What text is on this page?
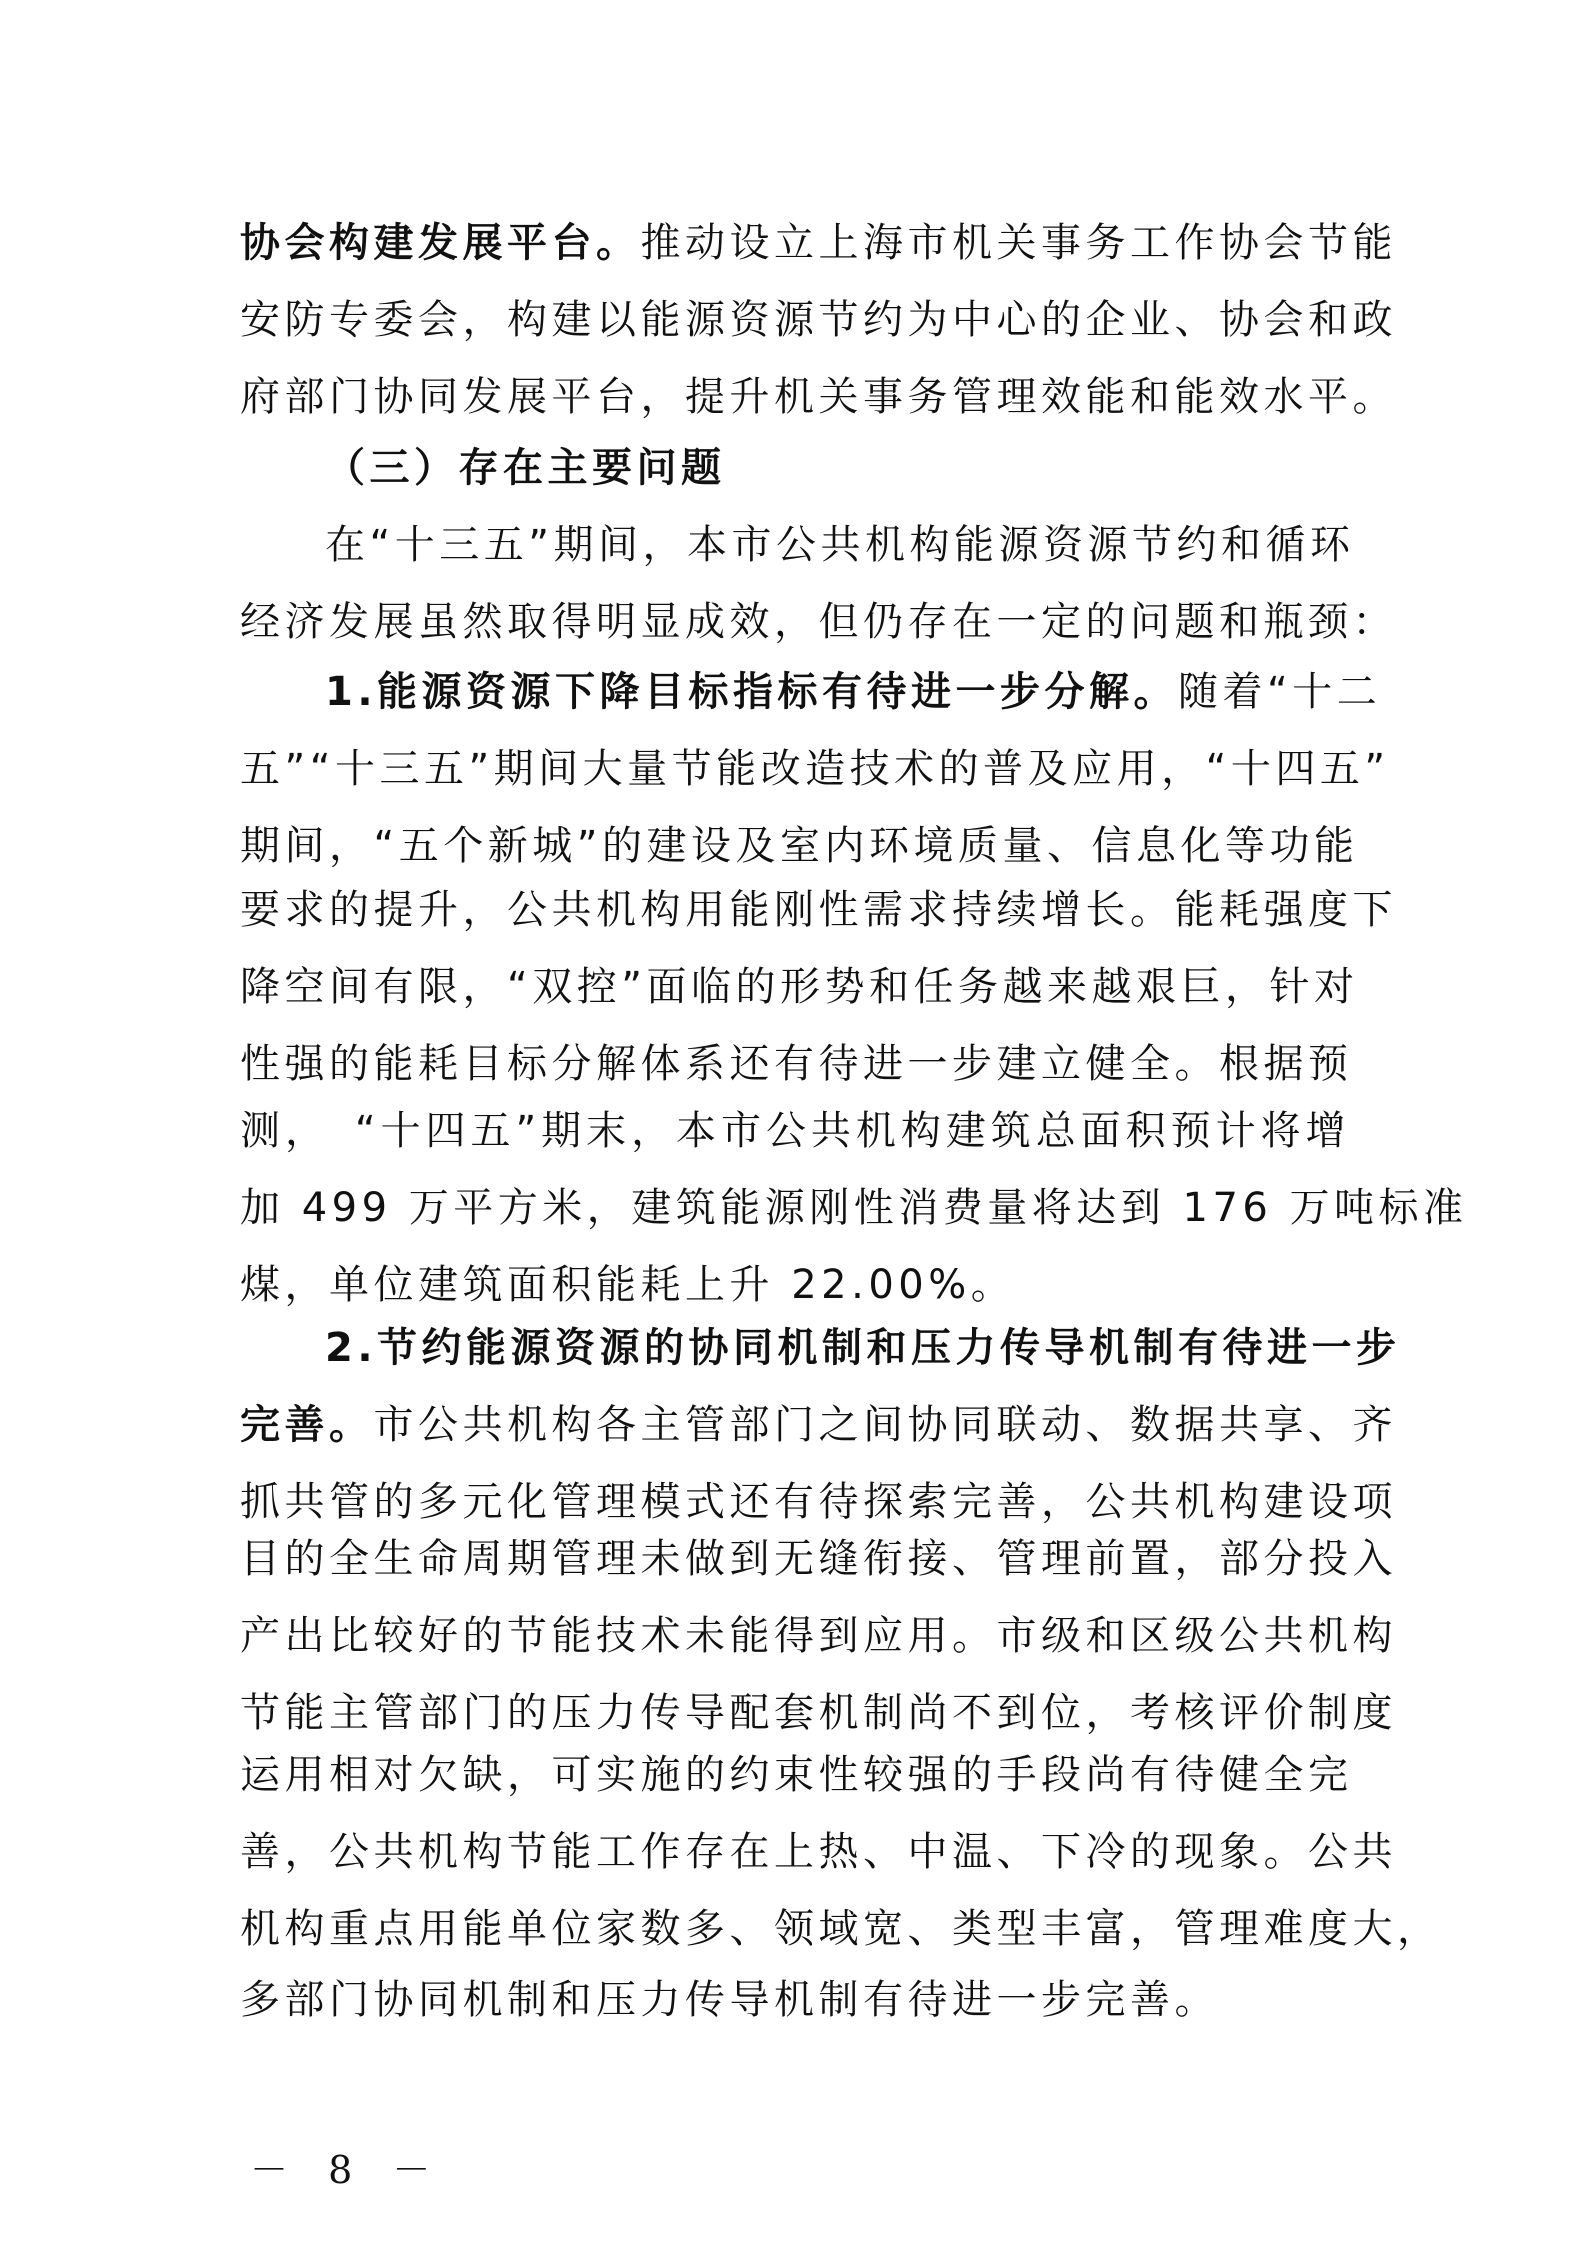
协会构建发展平台。推动设立上海市机关事务工作协会节能
安防专委会，构建以能源资源节约为中心的企业、协会和政
府部门协同发展平台，提升机关事务管理效能和能效水平。
（三）存在主要问题
在“十三五”期间，本市公共机构能源资源节约和循环
经济发展虽然取得明显成效，但仍存在一定的问题和瓶颈：
1.能源资源下降目标指标有待进一步分解。随着“十二
五”“十三五”期间大量节能改造技术的普及应用，“十四五”
期间，“五个新城”的建设及室内环境质量、信息化等功能
要求的提升，公共机构用能刚性需求持续增长。能耗强度下
降空间有限，“双控”面临的形势和任务越来越艰巨，针对
性强的能耗目标分解体系还有待进一步建立健全。根据预
测，　“十四五”期末，本市公共机构建筑总面积预计将增
加 499 万平方米，建筑能源刚性消费量将达到 176 万吨标准
煤，单位建筑面积能耗上升 22.00%。
2.节约能源资源的协同机制和压力传导机制有待进一步
完善。市公共机构各主管部门之间协同联动、数据共享、齐
抓共管的多元化管理模式还有待探索完善，公共机构建设项
目的全生命周期管理未做到无缝衔接、管理前置，部分投入
产出比较好的节能技术未能得到应用。市级和区级公共机构
节能主管部门的压力传导配套机制尚不到位，考核评价制度
运用相对欠缺，可实施的约束性较强的手段尚有待健全完
善，公共机构节能工作存在上热、中温、下冷的现象。公共
机构重点用能单位家数多、领域宽、类型丰富，管理难度大，
多部门协同机制和压力传导机制有待进一步完善。
－ 8 －
